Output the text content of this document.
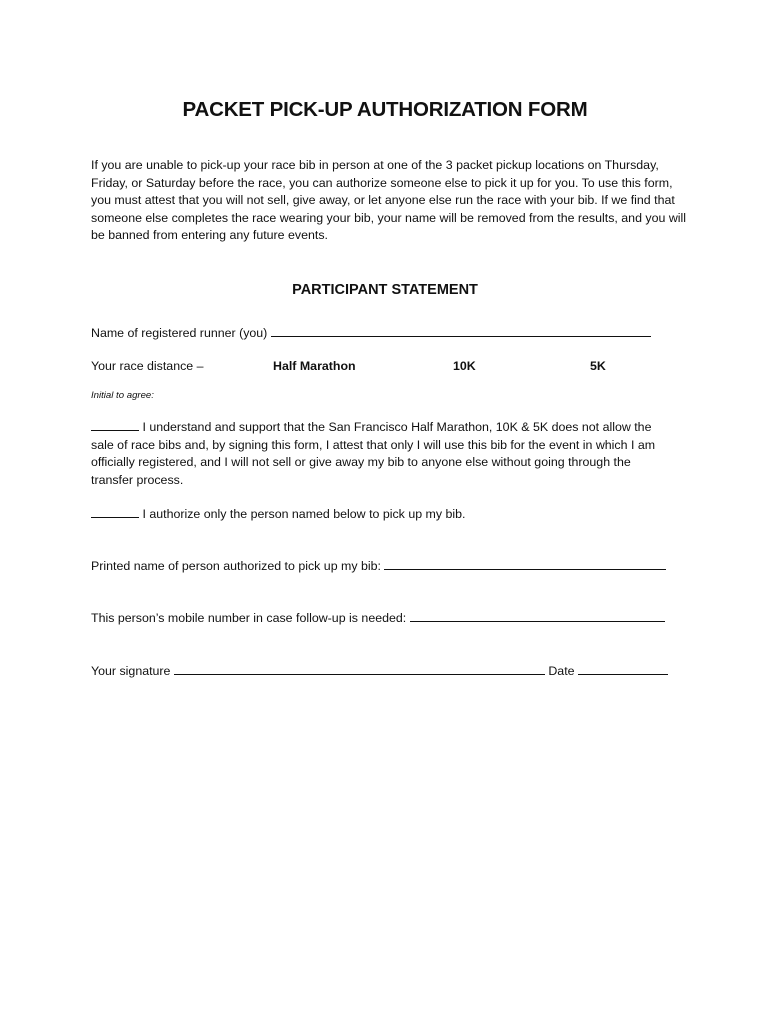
PACKET PICK-UP AUTHORIZATION FORM
If you are unable to pick-up your race bib in person at one of the 3 packet pickup locations on Thursday, Friday, or Saturday before the race, you can authorize someone else to pick it up for you. To use this form, you must attest that you will not sell, give away, or let anyone else run the race with your bib. If we find that someone else completes the race wearing your bib, your name will be removed from the results, and you will be banned from entering any future events.
PARTICIPANT STATEMENT
Name of registered runner (you)
Your race distance –	Half Marathon	10K	5K
Initial to agree:
I understand and support that the San Francisco Half Marathon, 10K & 5K does not allow the sale of race bibs and, by signing this form, I attest that only I will use this bib for the event in which I am officially registered, and I will not sell or give away my bib to anyone else without going through the transfer process.
I authorize only the person named below to pick up my bib.
Printed name of person authorized to pick up my bib:
This person’s mobile number in case follow-up is needed:
Your signature	Date
